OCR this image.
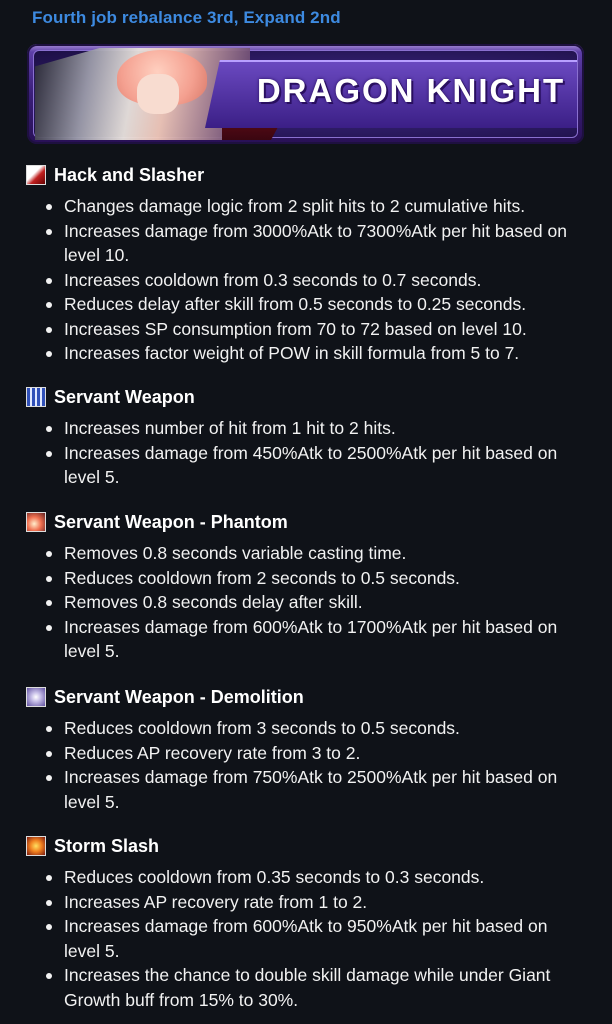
Fourth job rebalance 3rd, Expand 2nd
DRAGON KNIGHT
Hack and Slasher
Changes damage logic from 2 split hits to 2 cumulative hits.
Increases damage from 3000%Atk to 7300%Atk per hit based on level 10.
Increases cooldown from 0.3 seconds to 0.7 seconds.
Reduces delay after skill from 0.5 seconds to 0.25 seconds.
Increases SP consumption from 70 to 72 based on level 10.
Increases factor weight of POW in skill formula from 5 to 7.
Servant Weapon
Increases number of hit from 1 hit to 2 hits.
Increases damage from 450%Atk to 2500%Atk per hit based on level 5.
Servant Weapon - Phantom
Removes 0.8 seconds variable casting time.
Reduces cooldown from 2 seconds to 0.5 seconds.
Removes 0.8 seconds delay after skill.
Increases damage from 600%Atk to 1700%Atk per hit based on level 5.
Servant Weapon - Demolition
Reduces cooldown from 3 seconds to 0.5 seconds.
Reduces AP recovery rate from 3 to 2.
Increases damage from 750%Atk to 2500%Atk per hit based on level 5.
Storm Slash
Reduces cooldown from 0.35 seconds to 0.3 seconds.
Increases AP recovery rate from 1 to 2.
Increases damage from 600%Atk to 950%Atk per hit based on level 5.
Increases the chance to double skill damage while under Giant Growth buff from 15% to 30%.
